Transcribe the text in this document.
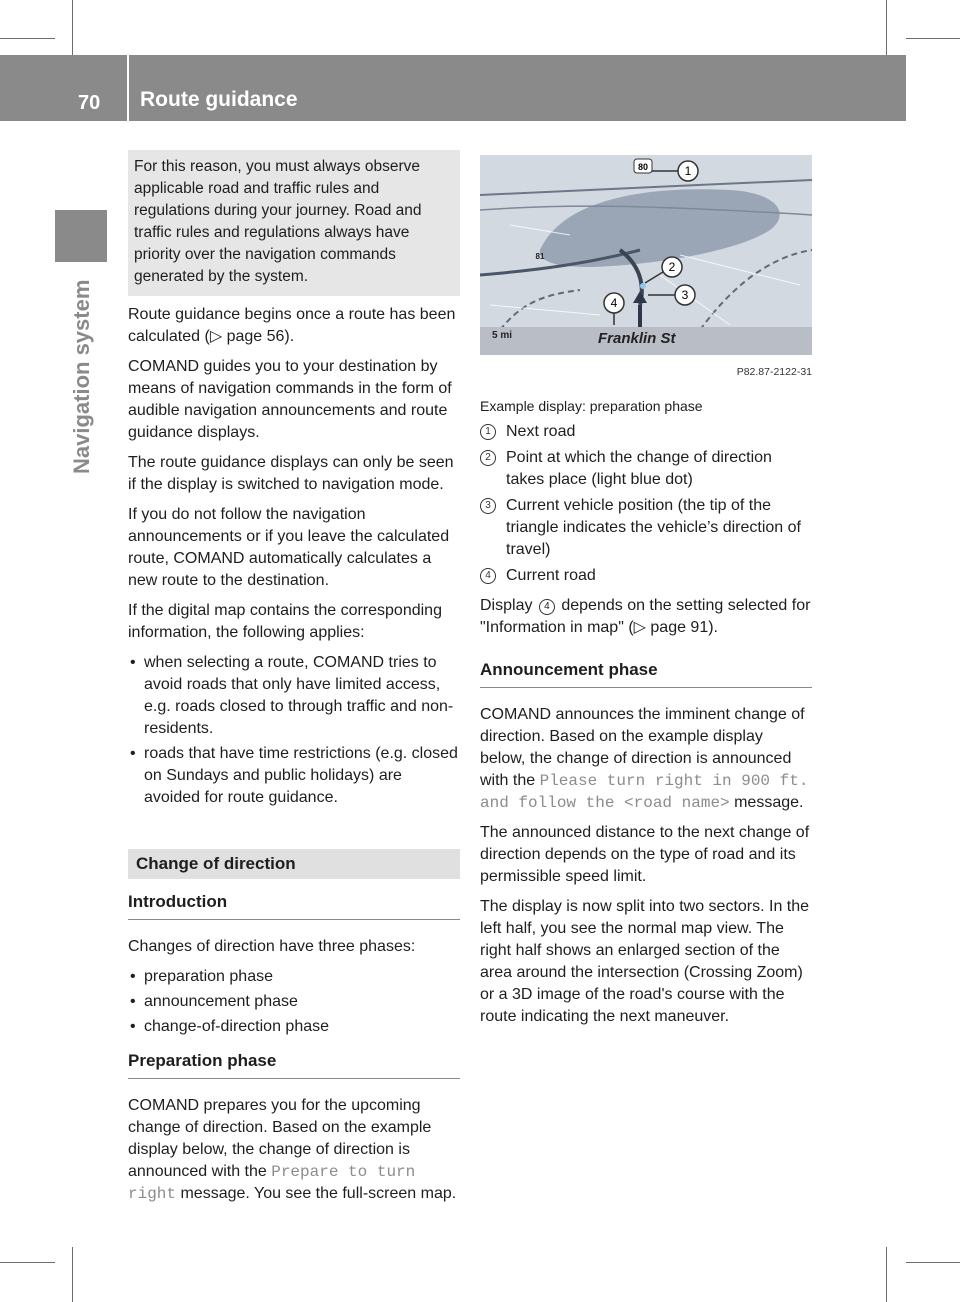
70 Route guidance
Navigation system
For this reason, you must always observe applicable road and traffic rules and regulations during your journey. Road and traffic rules and regulations always have priority over the navigation commands generated by the system.

Route guidance begins once a route has been calculated (▷ page 56).

COMAND guides you to your destination by means of navigation commands in the form of audible navigation announcements and route guidance displays.

The route guidance displays can only be seen if the display is switched to navigation mode.

If you do not follow the navigation announcements or if you leave the calculated route, COMAND automatically calculates a new route to the destination.

If the digital map contains the corresponding information, the following applies:

• when selecting a route, COMAND tries to avoid roads that only have limited access, e.g. roads closed to through traffic and non-residents.
• roads that have time restrictions (e.g. closed on Sundays and public holidays) are avoided for route guidance.
Change of direction
Introduction

Changes of direction have three phases:

• preparation phase
• announcement phase
• change-of-direction phase
Preparation phase

COMAND prepares you for the upcoming change of direction. Based on the example display below, the change of direction is announced with the Prepare to turn right message. You see the full-screen map.

80
81
1
2
3
4
5 mi	Franklin St
P82.87-2122-31

Example display: preparation phase

1 Next road
2 Point at which the change of direction takes place (light blue dot)
3 Current vehicle position (the tip of the triangle indicates the vehicle’s direction of travel)
4 Current road

Display 4 depends on the setting selected for "Information in map" (▷ page 91).

Announcement phase

COMAND announces the imminent change of direction. Based on the example display below, the change of direction is announced with the Please turn right in 900 ft. and follow the <road name> message.

The announced distance to the next change of direction depends on the type of road and its permissible speed limit.

The display is now split into two sectors. In the left half, you see the normal map view. The right half shows an enlarged section of the area around the intersection (Crossing Zoom) or a 3D image of the road's course with the route indicating the next maneuver.
